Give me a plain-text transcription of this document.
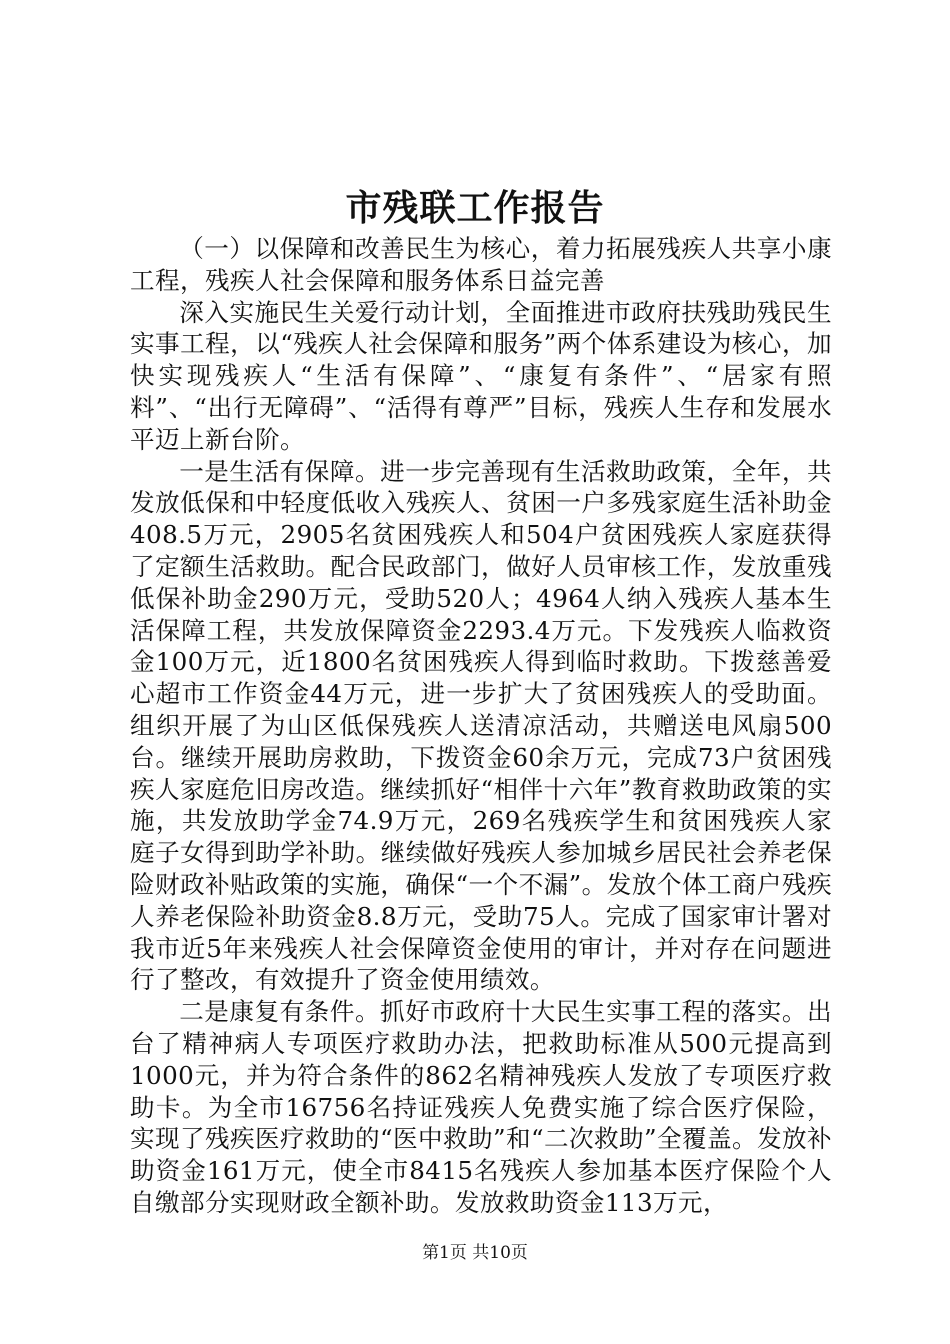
市残联工作报告

（一）以保障和改善民生为核心，着力拓展残疾人共享小康工程，残疾人社会保障和服务体系日益完善

深入实施民生关爱行动计划，全面推进市政府扶残助残民生实事工程，以“残疾人社会保障和服务”两个体系建设为核心，加快实现残疾人“生活有保障”、“康复有条件”、“居家有照料”、“出行无障碍”、“活得有尊严”目标，残疾人生存和发展水平迈上新台阶。

一是生活有保障。进一步完善现有生活救助政策，全年，共发放低保和中轻度低收入残疾人、贫困一户多残家庭生活补助金408.5万元，2905名贫困残疾人和504户贫困残疾人家庭获得了定额生活救助。配合民政部门，做好人员审核工作，发放重残低保补助金290万元，受助520人；4964人纳入残疾人基本生活保障工程，共发放保障资金2293.4万元。下发残疾人临救资金100万元，近1800名贫困残疾人得到临时救助。下拨慈善爱心超市工作资金44万元，进一步扩大了贫困残疾人的受助面。组织开展了为山区低保残疾人送清凉活动，共赠送电风扇500台。继续开展助房救助，下拨资金60余万元，完成73户贫困残疾人家庭危旧房改造。继续抓好“相伴十六年”教育救助政策的实施，共发放助学金74.9万元，269名残疾学生和贫困残疾人家庭子女得到助学补助。继续做好残疾人参加城乡居民社会养老保险财政补贴政策的实施，确保“一个不漏”。发放个体工商户残疾人养老保险补助资金8.8万元，受助75人。完成了国家审计署对我市近5年来残疾人社会保障资金使用的审计，并对存在问题进行了整改，有效提升了资金使用绩效。

二是康复有条件。抓好市政府十大民生实事工程的落实。出台了精神病人专项医疗救助办法，把救助标准从500元提高到1000元，并为符合条件的862名精神残疾人发放了专项医疗救助卡。为全市16756名持证残疾人免费实施了综合医疗保险，实现了残疾医疗救助的“医中救助”和“二次救助”全覆盖。发放补助资金161万元，使全市8415名残疾人参加基本医疗保险个人自缴部分实现财政全额补助。发放救助资金113万元，

第1页 共10页
